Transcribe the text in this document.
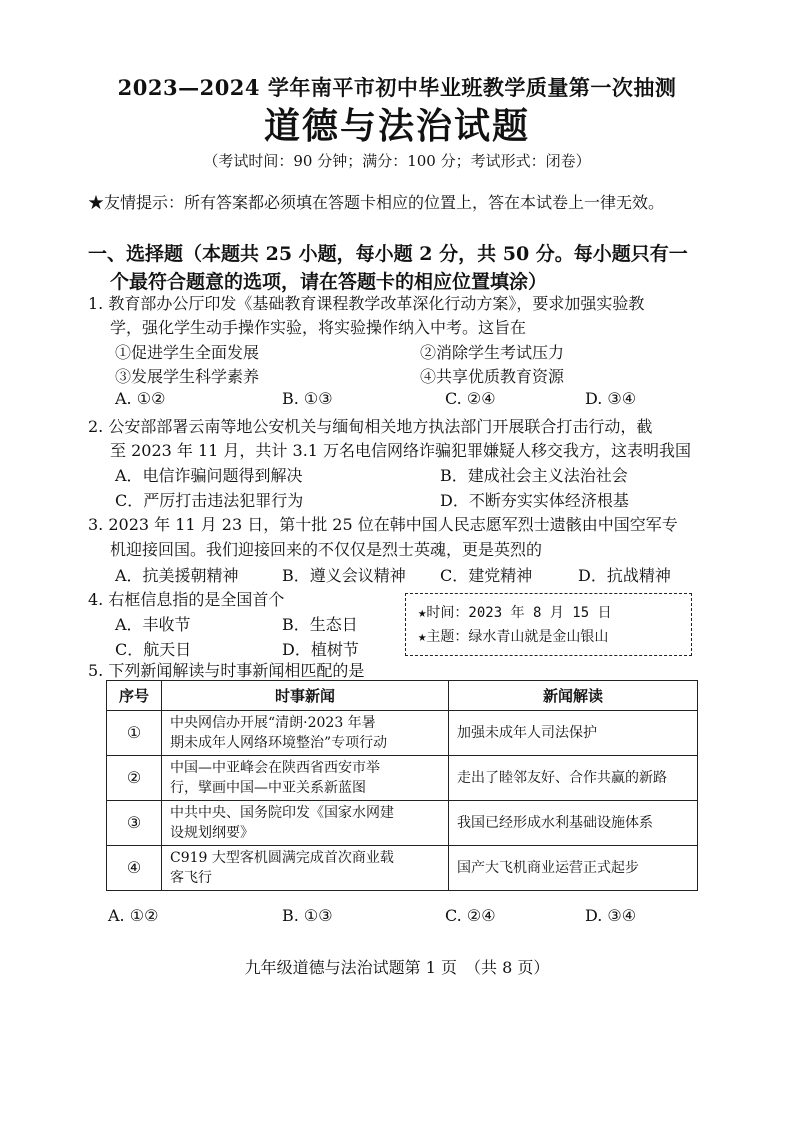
2023—2024 学年南平市初中毕业班教学质量第一次抽测
道德与法治试题
（考试时间：90 分钟；满分：100 分；考试形式：闭卷）
★友情提示：所有答案都必须填在答题卡相应的位置上，答在本试卷上一律无效。
一、选择题（本题共 25 小题，每小题 2 分，共 50 分。每小题只有一
个最符合题意的选项，请在答题卡的相应位置填涂）
1. 教育部办公厅印发《基础教育课程教学改革深化行动方案》，要求加强实验教
学，强化学生动手操作实验，将实验操作纳入中考。这旨在
①促进学生全面发展	②消除学生考试压力
③发展学生科学素养	④共享优质教育资源
A. ①②	B. ①③	C. ②④	D. ③④
2. 公安部部署云南等地公安机关与缅甸相关地方执法部门开展联合打击行动，截
至 2023 年 11 月，共计 3.1 万名电信网络诈骗犯罪嫌疑人移交我方，这表明我国
A．电信诈骗问题得到解决	B．建成社会主义法治社会
C．严厉打击违法犯罪行为	D．不断夯实实体经济根基
3. 2023 年 11 月 23 日，第十批 25 位在韩中国人民志愿军烈士遗骸由中国空军专
机迎接回国。我们迎接回来的不仅仅是烈士英魂，更是英烈的
A．抗美援朝精神	B．遵义会议精神 C．建党精神	D．抗战精神
4. 右框信息指的是全国首个
A．丰收节	B．生态日
C．航天日	D．植树节
★时间：2023 年 8 月 15 日
★主题：绿水青山就是金山银山
5. 下列新闻解读与时事新闻相匹配的是
序号	时事新闻	新闻解读
①	中央网信办开展“清朗·2023 年暑
期未成年人网络环境整治”专项行动	加强未成年人司法保护
②	中国—中亚峰会在陕西省西安市举
行，擘画中国—中亚关系新蓝图	走出了睦邻友好、合作共赢的新路
③	中共中央、国务院印发《国家水网建
设规划纲要》	我国已经形成水利基础设施体系
④	C919 大型客机圆满完成首次商业载
客飞行	国产大飞机商业运营正式起步
A. ①②	B. ①③	C. ②④	D. ③④
九年级道德与法治试题第 1 页　（共 8 页）
